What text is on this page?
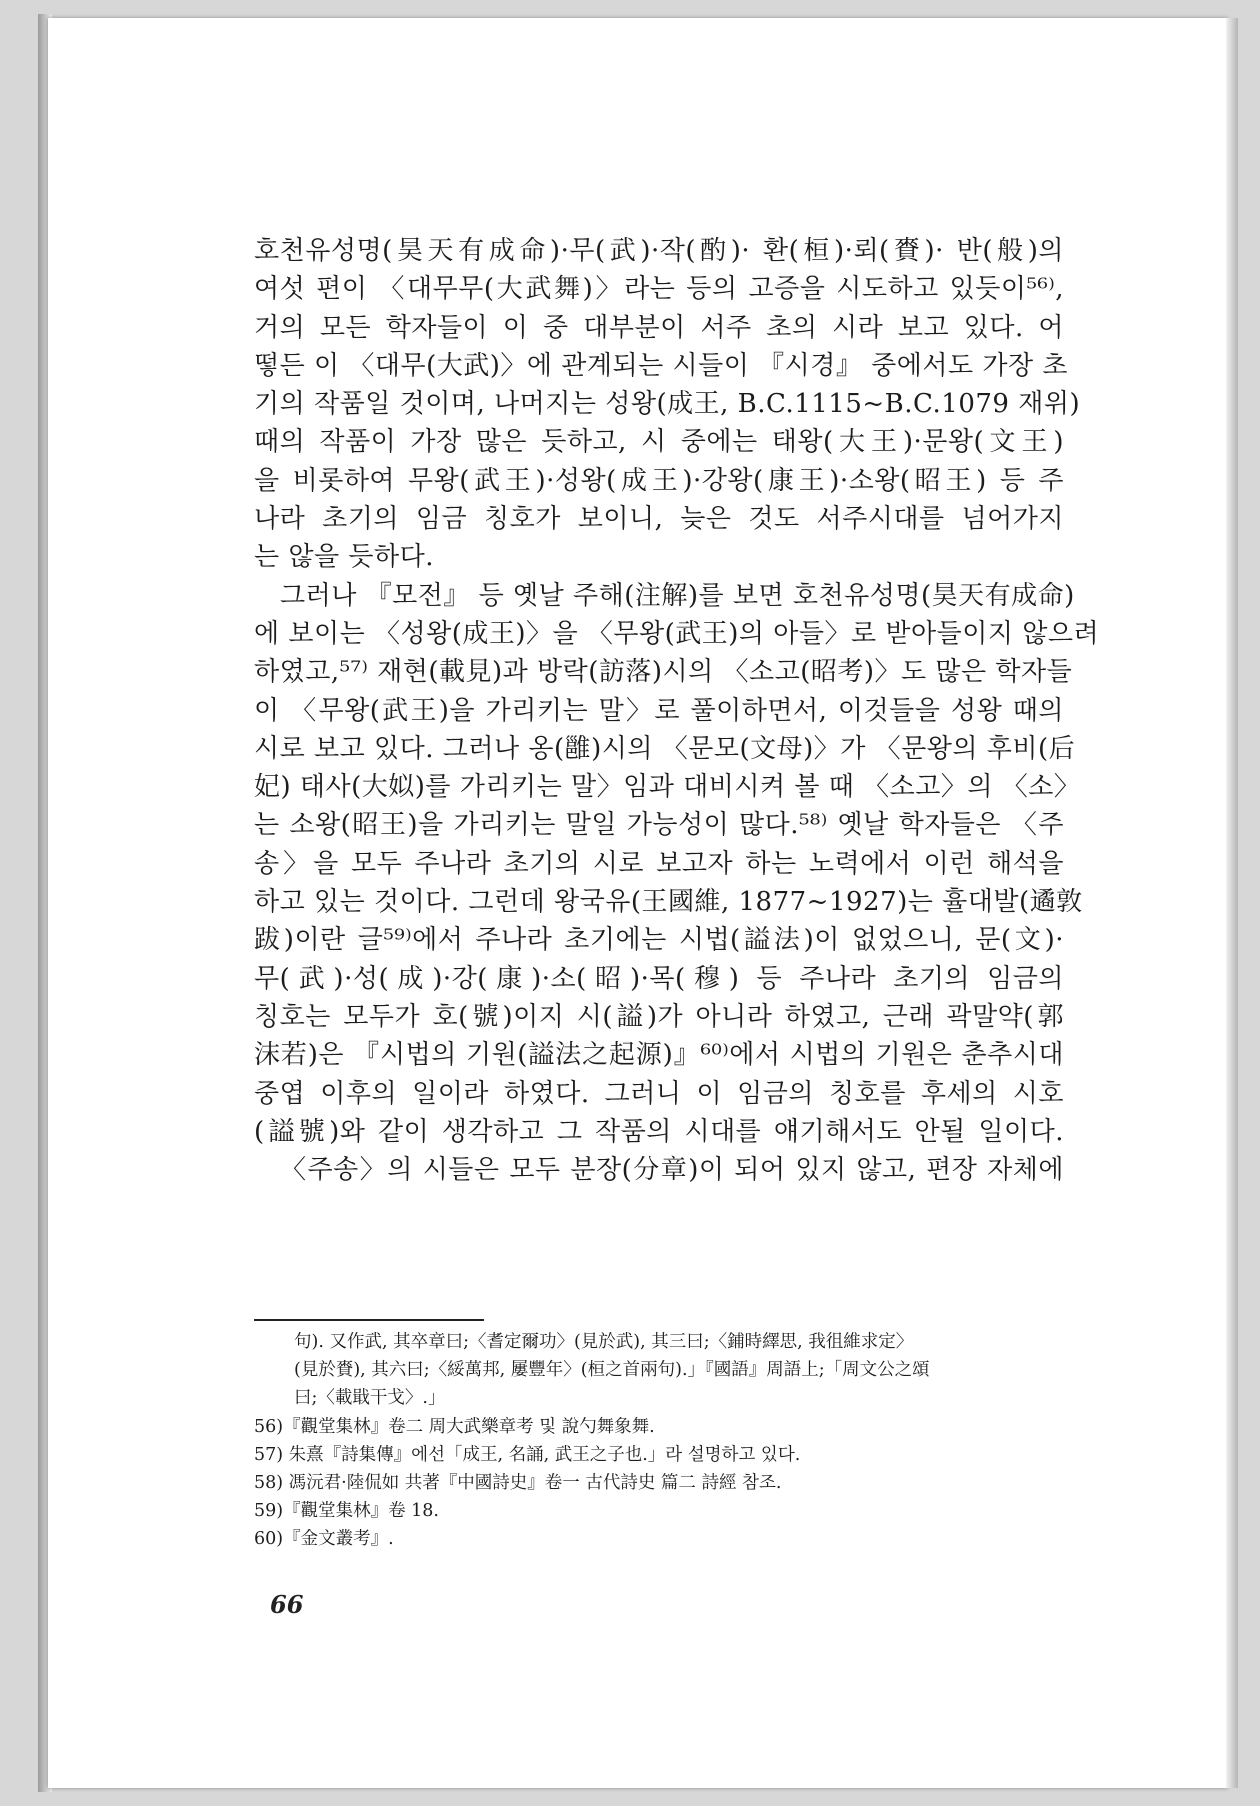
호천유성명(昊天有成命)·무(武)·작(酌)· 환(桓)·뢰(賚)· 반(般)의
여섯 편이 〈대무무(大武舞)〉라는 등의 고증을 시도하고 있듯이⁵⁶⁾,
거의 모든 학자들이 이 중 대부분이 서주 초의 시라 보고 있다. 어
떻든 이 〈대무(大武)〉에 관계되는 시들이 『시경』 중에서도 가장 초
기의 작품일 것이며, 나머지는 성왕(成王, B.C.1115~B.C.1079 재위)
때의 작품이 가장 많은 듯하고, 시 중에는 태왕(大王)·문왕(文王)
을 비롯하여 무왕(武王)·성왕(成王)·강왕(康王)·소왕(昭王) 등 주
나라 초기의 임금 칭호가 보이니, 늦은 것도 서주시대를 넘어가지
는 않을 듯하다.
그러나 『모전』 등 옛날 주해(注解)를 보면 호천유성명(昊天有成命)
에 보이는 〈성왕(成王)〉을 〈무왕(武王)의 아들〉로 받아들이지 않으려
하였고,⁵⁷⁾ 재현(載見)과 방락(訪落)시의 〈소고(昭考)〉도 많은 학자들
이 〈무왕(武王)을 가리키는 말〉로 풀이하면서, 이것들을 성왕 때의
시로 보고 있다. 그러나 옹(雝)시의 〈문모(文母)〉가 〈문왕의 후비(后
妃) 태사(大姒)를 가리키는 말〉임과 대비시켜 볼 때 〈소고〉의 〈소〉
는 소왕(昭王)을 가리키는 말일 가능성이 많다.⁵⁸⁾ 옛날 학자들은 〈주
송〉을 모두 주나라 초기의 시로 보고자 하는 노력에서 이런 해석을
하고 있는 것이다. 그런데 왕국유(王國維, 1877~1927)는 휼대발(遹敦
跋)이란 글⁵⁹⁾에서 주나라 초기에는 시법(謚法)이 없었으니, 문(文)·
무(武)·성(成)·강(康)·소(昭)·목(穆) 등 주나라 초기의 임금의
칭호는 모두가 호(號)이지 시(謚)가 아니라 하였고, 근래 곽말약(郭
沫若)은 『시법의 기원(謚法之起源)』⁶⁰⁾에서 시법의 기원은 춘추시대
중엽 이후의 일이라 하였다. 그러니 이 임금의 칭호를 후세의 시호
(謚號)와 같이 생각하고 그 작품의 시대를 얘기해서도 안될 일이다.
〈주송〉의 시들은 모두 분장(分章)이 되어 있지 않고, 편장 자체에
句). 又作武, 其卒章曰;〈耆定爾功〉(見於武), 其三曰;〈鋪時繹思, 我徂維求定〉
(見於賚), 其六曰;〈綏萬邦, 屢豐年〉(桓之首兩句).」『國語』周語上;「周文公之頌
曰;〈載戢干戈〉.」
56)『觀堂集林』卷二 周大武樂章考 및 說勺舞象舞.
57) 朱熹『詩集傳』에선「成王, 名誦, 武王之子也.」라 설명하고 있다.
58) 馮沅君·陸侃如 共著『中國詩史』卷一 古代詩史 篇二 詩經 참조.
59)『觀堂集林』卷 18.
60)『金文叢考』.
66
